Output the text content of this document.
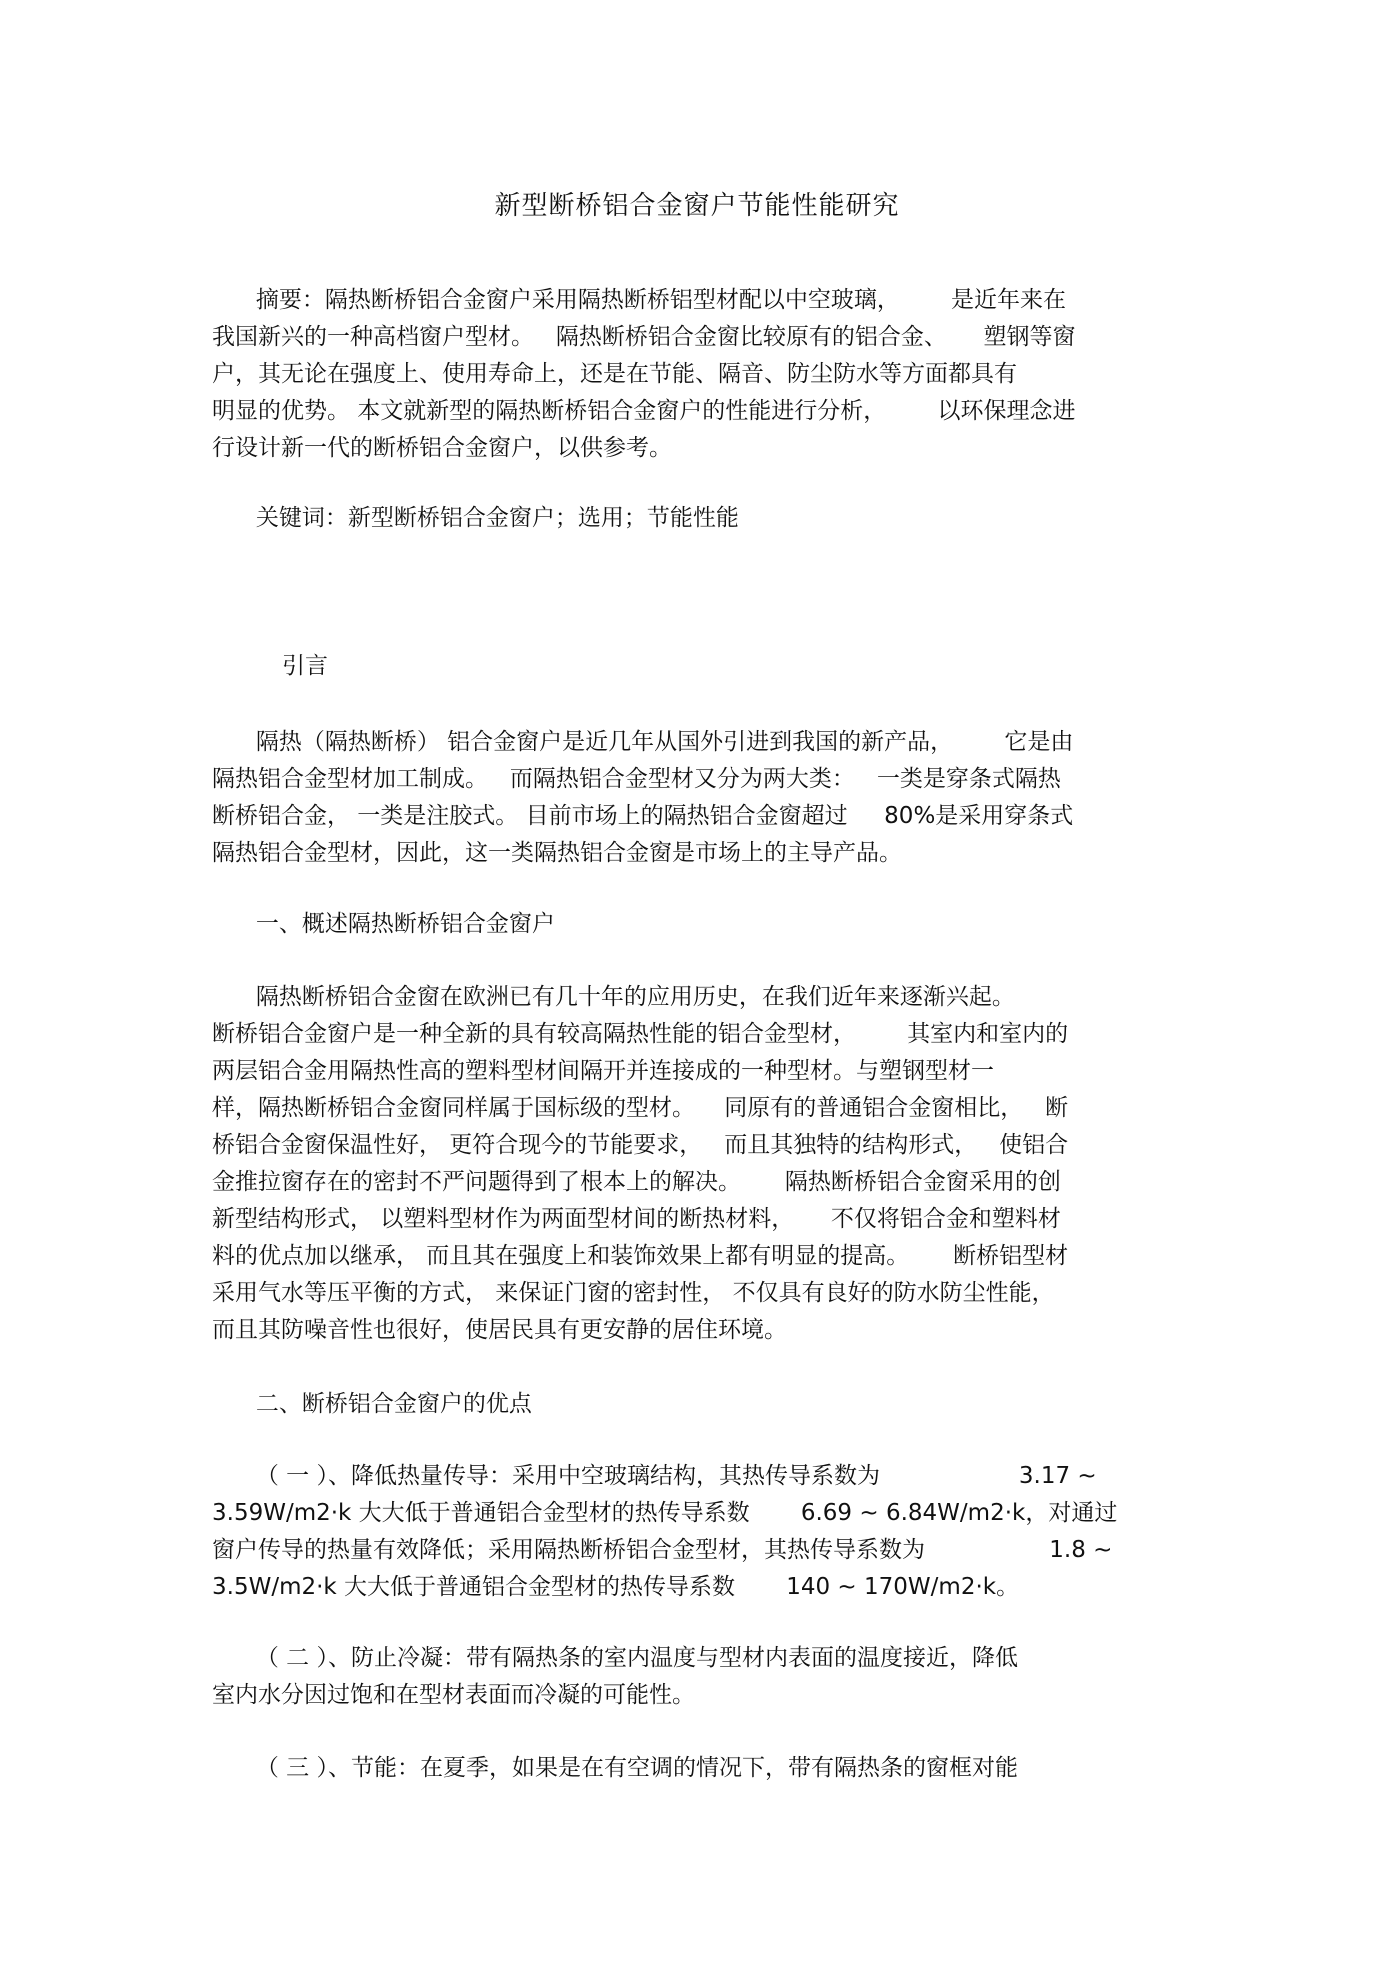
新型断桥铝合金窗户节能性能研究
摘要：隔热断桥铝合金窗户采用隔热断桥铝型材配以中空玻璃，       是近年来在
我国新兴的一种高档窗户型材。   隔热断桥铝合金窗比较原有的铝合金、     塑钢等窗
户，其无论在强度上、使用寿命上，还是在节能、隔音、防尘防水等方面都具有
明显的优势。 本文就新型的隔热断桥铝合金窗户的性能进行分析，       以环保理念进
行设计新一代的断桥铝合金窗户，以供参考。
关键词：新型断桥铝合金窗户；选用；节能性能
引言
隔热（隔热断桥） 铝合金窗户是近几年从国外引进到我国的新产品，       它是由
隔热铝合金型材加工制成。   而隔热铝合金型材又分为两大类：   一类是穿条式隔热
断桥铝合金， 一类是注胶式。 目前市场上的隔热铝合金窗超过     80%是采用穿条式
隔热铝合金型材，因此，这一类隔热铝合金窗是市场上的主导产品。
一、概述隔热断桥铝合金窗户
隔热断桥铝合金窗在欧洲已有几十年的应用历史，在我们近年来逐渐兴起。
断桥铝合金窗户是一种全新的具有较高隔热性能的铝合金型材，       其室内和室内的
两层铝合金用隔热性高的塑料型材间隔开并连接成的一种型材。与塑钢型材一
样，隔热断桥铝合金窗同样属于国标级的型材。    同原有的普通铝合金窗相比，   断
桥铝合金窗保温性好， 更符合现今的节能要求，   而且其独特的结构形式，   使铝合
金推拉窗存在的密封不严问题得到了根本上的解决。      隔热断桥铝合金窗采用的创
新型结构形式， 以塑料型材作为两面型材间的断热材料，     不仅将铝合金和塑料材
料的优点加以继承， 而且其在强度上和装饰效果上都有明显的提高。      断桥铝型材
采用气水等压平衡的方式， 来保证门窗的密封性， 不仅具有良好的防水防尘性能，
而且其防噪音性也很好，使居民具有更安静的居住环境。
二、断桥铝合金窗户的优点
（ 一 ）、降低热量传导：采用中空玻璃结构，其热传导系数为                   3.17 ~
3.59W/m2·k 大大低于普通铝合金型材的热传导系数       6.69 ~ 6.84W/m2·k，对通过
窗户传导的热量有效降低；采用隔热断桥铝合金型材，其热传导系数为                 1.8 ~
3.5W/m2·k 大大低于普通铝合金型材的热传导系数       140 ~ 170W/m2·k。
（ 二 ）、防止冷凝：带有隔热条的室内温度与型材内表面的温度接近，降低
室内水分因过饱和在型材表面而冷凝的可能性。
（ 三 ）、节能：在夏季，如果是在有空调的情况下，带有隔热条的窗框对能
